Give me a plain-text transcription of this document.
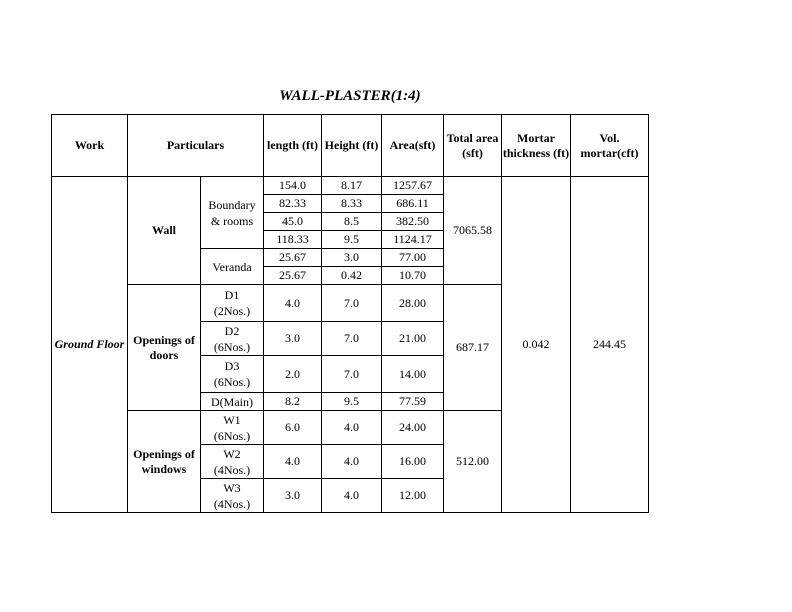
WALL-PLASTER(1:4)
Work	Particulars		length (ft)	Height (ft)	Area(sft)	Total area (sft)	Mortar thickness (ft)	Vol. mortar(cft)
Ground Floor	Wall	Boundary & rooms	154.0	8.17	1257.67	7065.58	0.042	244.45
			82.33	8.33	686.11			
			45.0	8.5	382.50			
			118.33	9.5	1124.17			
		Veranda	25.67	3.0	77.00			
			25.67	0.42	10.70			
	Openings of doors	D1 (2Nos.)	4.0	7.0	28.00	687.17		
		D2 (6Nos.)	3.0	7.0	21.00			
		D3 (6Nos.)	2.0	7.0	14.00			
		D(Main)	8.2	9.5	77.59			
	Openings of windows	W1 (6Nos.)	6.0	4.0	24.00	512.00		
		W2 (4Nos.)	4.0	4.0	16.00			
		W3 (4Nos.)	3.0	4.0	12.00			
